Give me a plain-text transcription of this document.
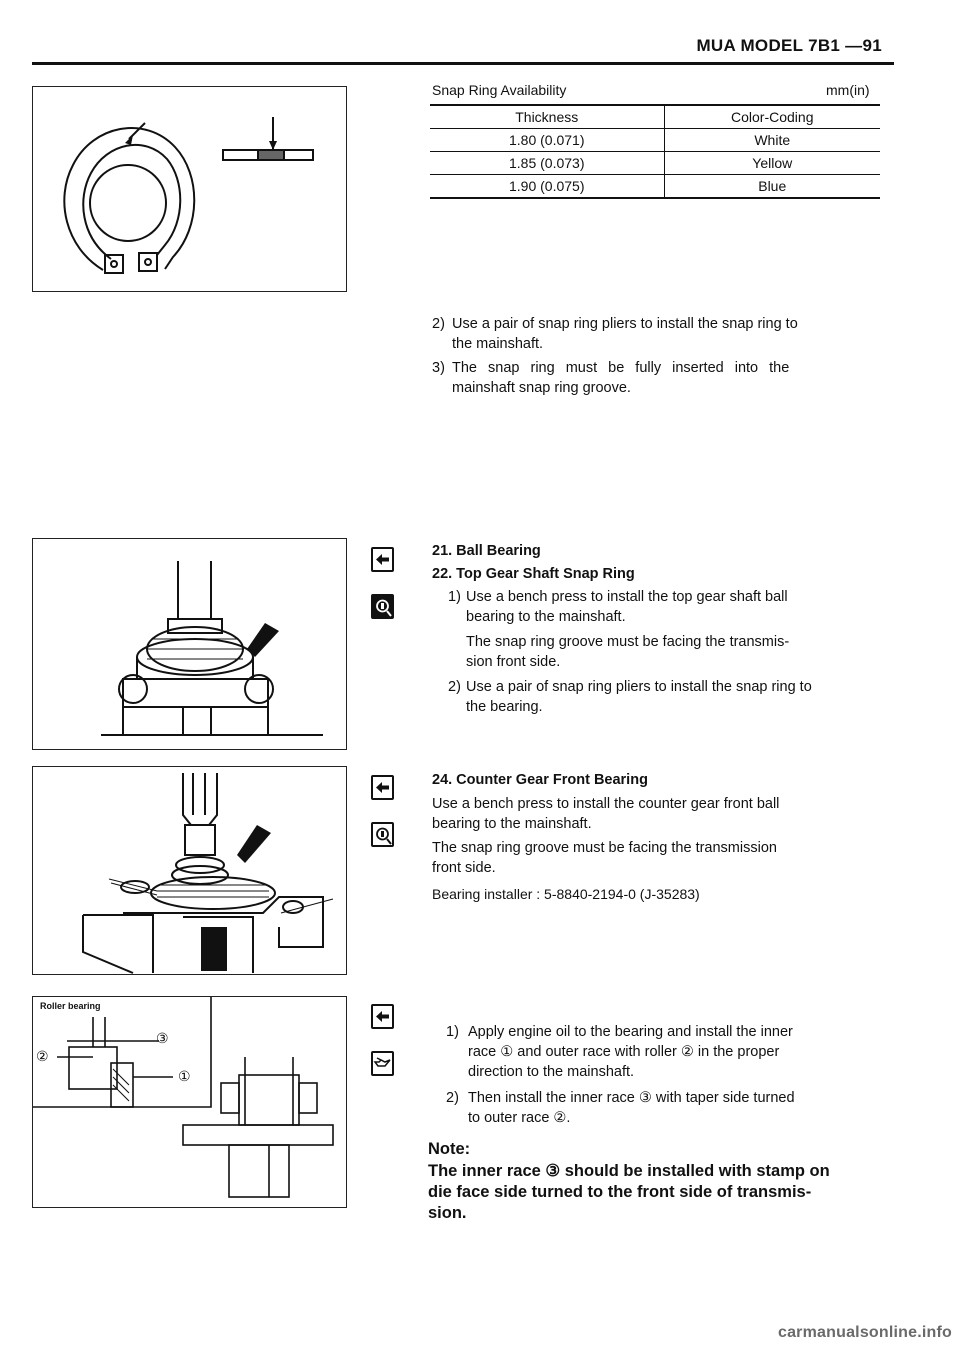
MUA MODEL 7B1 —91
Snap Ring Availability	mm(in)
Thickness	Color-Coding
1.80 (0.071)	White
1.85 (0.073)	Yellow
1.90 (0.075)	Blue
2) Use a pair of snap ring pliers to install the snap ring to
the mainshaft.
3) The snap ring must be fully inserted into the
mainshaft snap ring groove.
21. Ball Bearing
22. Top Gear Shaft Snap Ring
1) Use a bench press to install the top gear shaft ball
bearing to the mainshaft.
The snap ring groove must be facing the transmis-
sion front side.
2) Use a pair of snap ring pliers to install the snap ring to
the bearing.
24. Counter Gear Front Bearing
Use a bench press to install the counter gear front ball
bearing to the mainshaft.
The snap ring groove must be facing the transmission
front side.
Bearing installer : 5-8840-2194-0 (J-35283)
Roller bearing
③
②
①
1) Apply engine oil to the bearing and install the inner
race ① and outer race with roller ② in the proper
direction to the mainshaft.
2) Then install the inner race ③ with taper side turned
to outer race ②.
Note:
The inner race ③ should be installed with stamp on
die face side turned to the front side of transmis-
sion.
carmanualsonline.info
